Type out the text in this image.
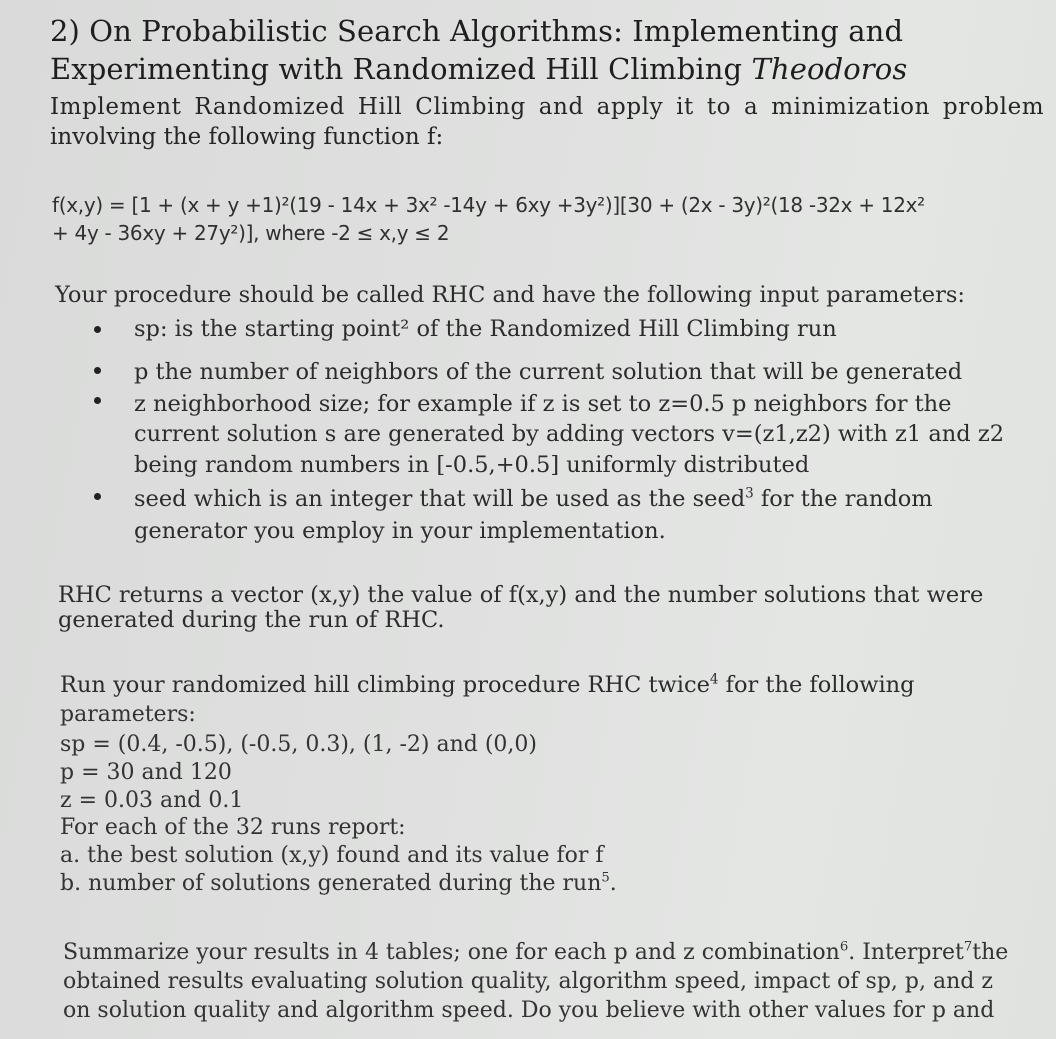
2) On Probabilistic Search Algorithms: Implementing and
Experimenting with Randomized Hill Climbing Theodoros
Implement Randomized Hill Climbing and apply it to a minimization problem
involving the following function f:
f(x,y) = [1 + (x + y +1)²(19 - 14x + 3x² -14y + 6xy +3y²)][30 + (2x - 3y)²(18 -32x + 12x²
+ 4y - 36xy + 27y²)], where -2 ≤ x,y ≤ 2
Your procedure should be called RHC and have the following input parameters:
sp: is the starting point² of the Randomized Hill Climbing run
p the number of neighbors of the current solution that will be generated
z neighborhood size; for example if z is set to z=0.5 p neighbors for the
current solution s are generated by adding vectors v=(z1,z2) with z1 and z2
being random numbers in [-0.5,+0.5] uniformly distributed
seed which is an integer that will be used as the seed$^3$ for the random
generator you employ in your implementation.
RHC returns a vector (x,y) the value of f(x,y) and the number solutions that were
generated during the run of RHC.
Run your randomized hill climbing procedure RHC twice$^4$ for the following
parameters:
sp = (0.4, -0.5), (-0.5, 0.3), (1, -2) and (0,0)
p = 30 and 120
z = 0.03 and 0.1
For each of the 32 runs report:
a. the best solution (x,y) found and its value for f
b. number of solutions generated during the run$^5$.
Summarize your results in 4 tables; one for each p and z combination$^6$. Interpret$^7$the
obtained results evaluating solution quality, algorithm speed, impact of sp, p, and z
on solution quality and algorithm speed. Do you believe with other values for p and
